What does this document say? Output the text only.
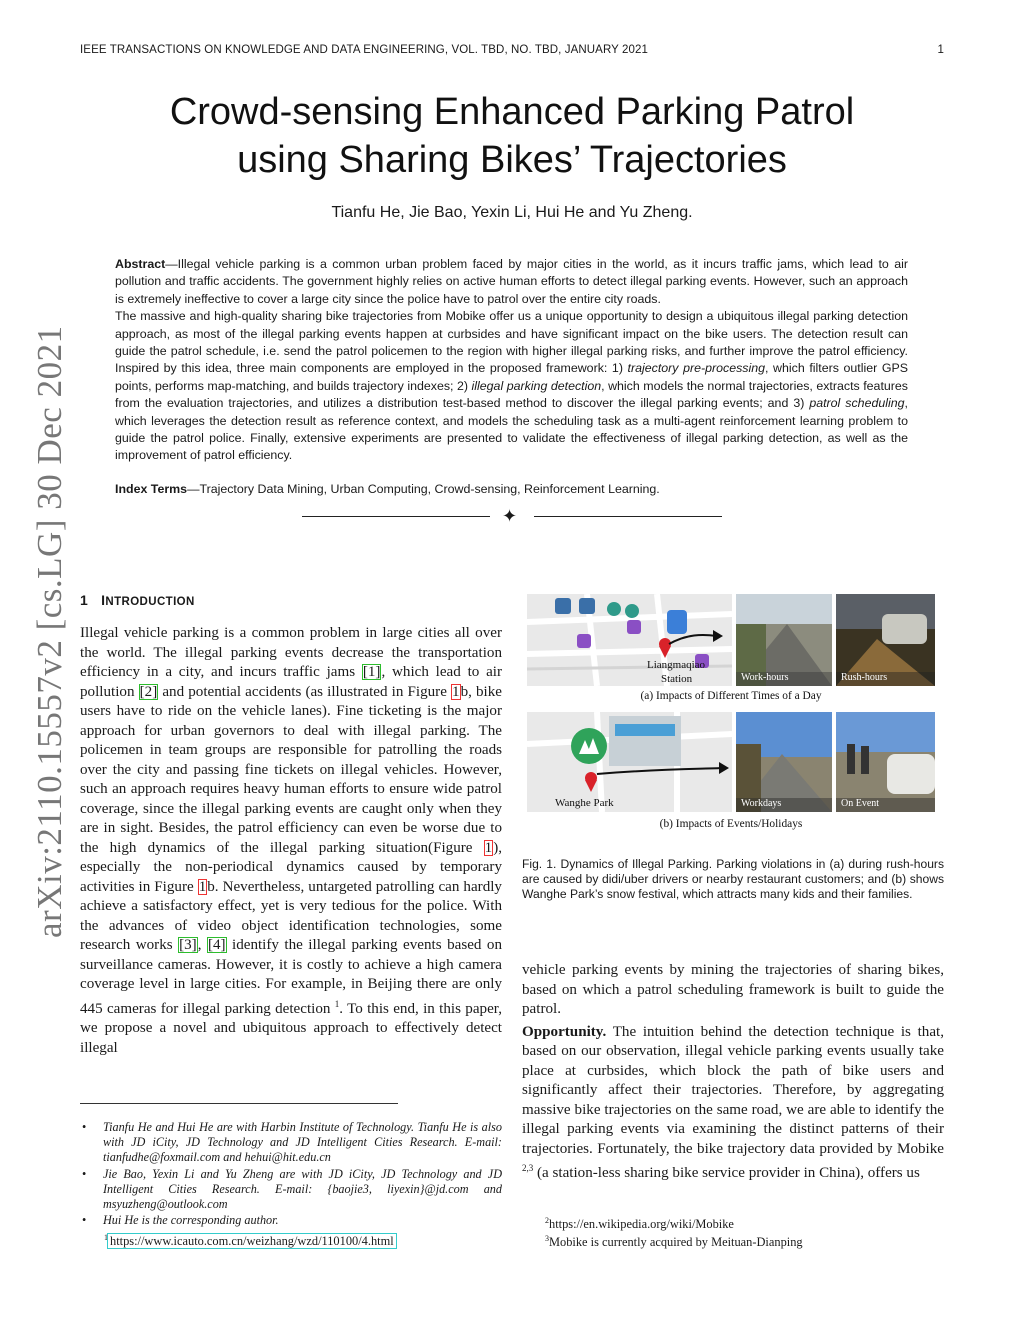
IEEE TRANSACTIONS ON KNOWLEDGE AND DATA ENGINEERING, VOL. TBD, NO. TBD, JANUARY 2021	1
Crowd-sensing Enhanced Parking Patrol
using Sharing Bikes’ Trajectories
Tianfu He, Jie Bao, Yexin Li, Hui He and Yu Zheng.
Abstract—Illegal vehicle parking is a common urban problem faced by major cities in the world, as it incurs traffic jams, which lead to air pollution and traffic accidents. The government highly relies on active human efforts to detect illegal parking events. However, such an approach is extremely ineffective to cover a large city since the police have to patrol over the entire city roads.
The massive and high-quality sharing bike trajectories from Mobike offer us a unique opportunity to design a ubiquitous illegal parking detection approach, as most of the illegal parking events happen at curbsides and have significant impact on the bike users. The detection result can guide the patrol schedule, i.e. send the patrol policemen to the region with higher illegal parking risks, and further improve the patrol efficiency. Inspired by this idea, three main components are employed in the proposed framework: 1) trajectory pre-processing, which filters outlier GPS points, performs map-matching, and builds trajectory indexes; 2) illegal parking detection, which models the normal trajectories, extracts features from the evaluation trajectories, and utilizes a distribution test-based method to discover the illegal parking events; and 3) patrol scheduling, which leverages the detection result as reference context, and models the scheduling task as a multi-agent reinforcement learning problem to guide the patrol police. Finally, extensive experiments are presented to validate the effectiveness of illegal parking detection, as well as the improvement of patrol efficiency.
Index Terms—Trajectory Data Mining, Urban Computing, Crowd-sensing, Reinforcement Learning.
✦
1 INTRODUCTION
Illegal vehicle parking is a common problem in large cities all over the world. The illegal parking events decrease the transportation efficiency in a city, and incurs traffic jams [1], which lead to air pollution [2] and potential accidents (as illustrated in Figure 1b, bike users have to ride on the vehicle lanes). Fine ticketing is the major approach for urban governors to deal with illegal parking. The policemen in team groups are responsible for patrolling the roads over the city and passing fine tickets on illegal vehicles. However, such an approach requires heavy human efforts to ensure wide patrol coverage, since the illegal parking events are caught only when they are in sight. Besides, the patrol efficiency can even be worse due to the high dynamics of the illegal parking situation(Figure 1), especially the non-periodical dynamics caused by temporary activities in Figure 1b. Nevertheless, untargeted patrolling can hardly achieve a satisfactory effect, yet is very tedious for the police. With the advances of video object identification technologies, some research works [3], [4] identify the illegal parking events based on surveillance cameras. However, it is costly to achieve a high camera coverage level in large cities. For example, in Beijing there are only 445 cameras for illegal parking detection $^1$. To this end, in this paper, we propose a novel and ubiquitous approach to effectively detect illegal
• Tianfu He and Hui He are with Harbin Institute of Technology. Tianfu He is also with JD iCity, JD Technology and JD Intelligent Cities Research. E-mail: tianfudhe@foxmail.com and hehui@hit.edu.cn
• Jie Bao, Yexin Li and Yu Zheng are with JD iCity, JD Technology and JD Intelligent Cities Research. E-mail: {baojie3, liyexin}@jd.com and msyuzheng@outlook.com
• Hui He is the corresponding author.
$^1$ https://www.icauto.com.cn/weizhang/wzd/110100/4.html
Liangmaqiao
Station	Work-hours	Rush-hours
(a) Impacts of Different Times of a Day
Wanghe Park	Workdays	On Event
(b) Impacts of Events/Holidays
Fig. 1. Dynamics of Illegal Parking. Parking violations in (a) during rush-hours are caused by didi/uber drivers or nearby restaurant customers; and (b) shows Wanghe Park’s snow festival, which attracts many kids and their families.

vehicle parking events by mining the trajectories of sharing bikes, based on which a patrol scheduling framework is built to guide the patrol.

Opportunity. The intuition behind the detection technique is that, based on our observation, illegal vehicle parking events usually take place at curbsides, which block the path of bike users and significantly affect their trajectories. Therefore, by aggregating massive bike trajectories on the same road, we are able to identify the illegal parking events via examining the distinct patterns of their trajectories. Fortunately, the bike trajectory data provided by Mobike $^{2,3}$ (a station-less sharing bike service provider in China), offers us

$^2$https://en.wikipedia.org/wiki/Mobike
$^3$Mobike is currently acquired by Meituan-Dianping
arXiv:2110.15557v2 [cs.LG] 30 Dec 2021
